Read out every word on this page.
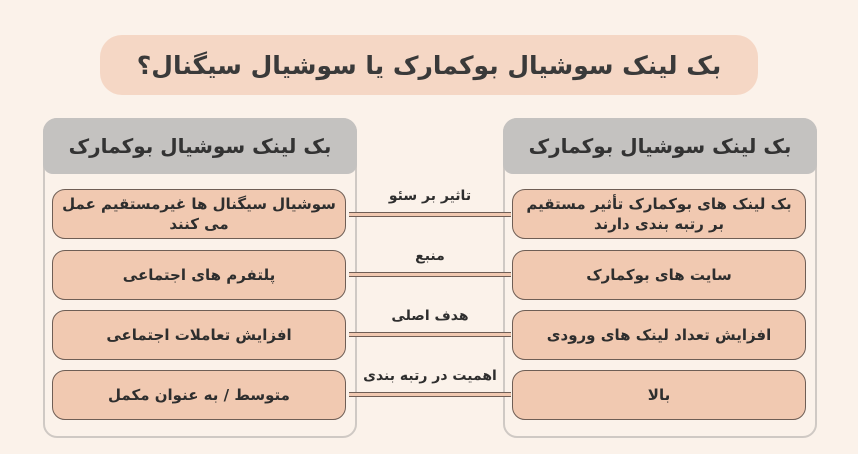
بک لینک سوشیال بوکمارک یا سوشیال سیگنال؟
بک لینک سوشیال بوکمارک
سوشیال سیگنال ها غیرمستقیم عمل می کنند
پلتفرم های اجتماعی
افزایش تعاملات اجتماعی
متوسط / به عنوان مکمل
بک لینک سوشیال بوکمارک
بک لینک های بوکمارک تأثیر مستقیم بر رتبه بندی دارند
سایت های بوکمارک
افزایش تعداد لینک های ورودی
بالا
تاثیر بر سئو
منبع
هدف اصلی
اهمیت در رتبه بندی
